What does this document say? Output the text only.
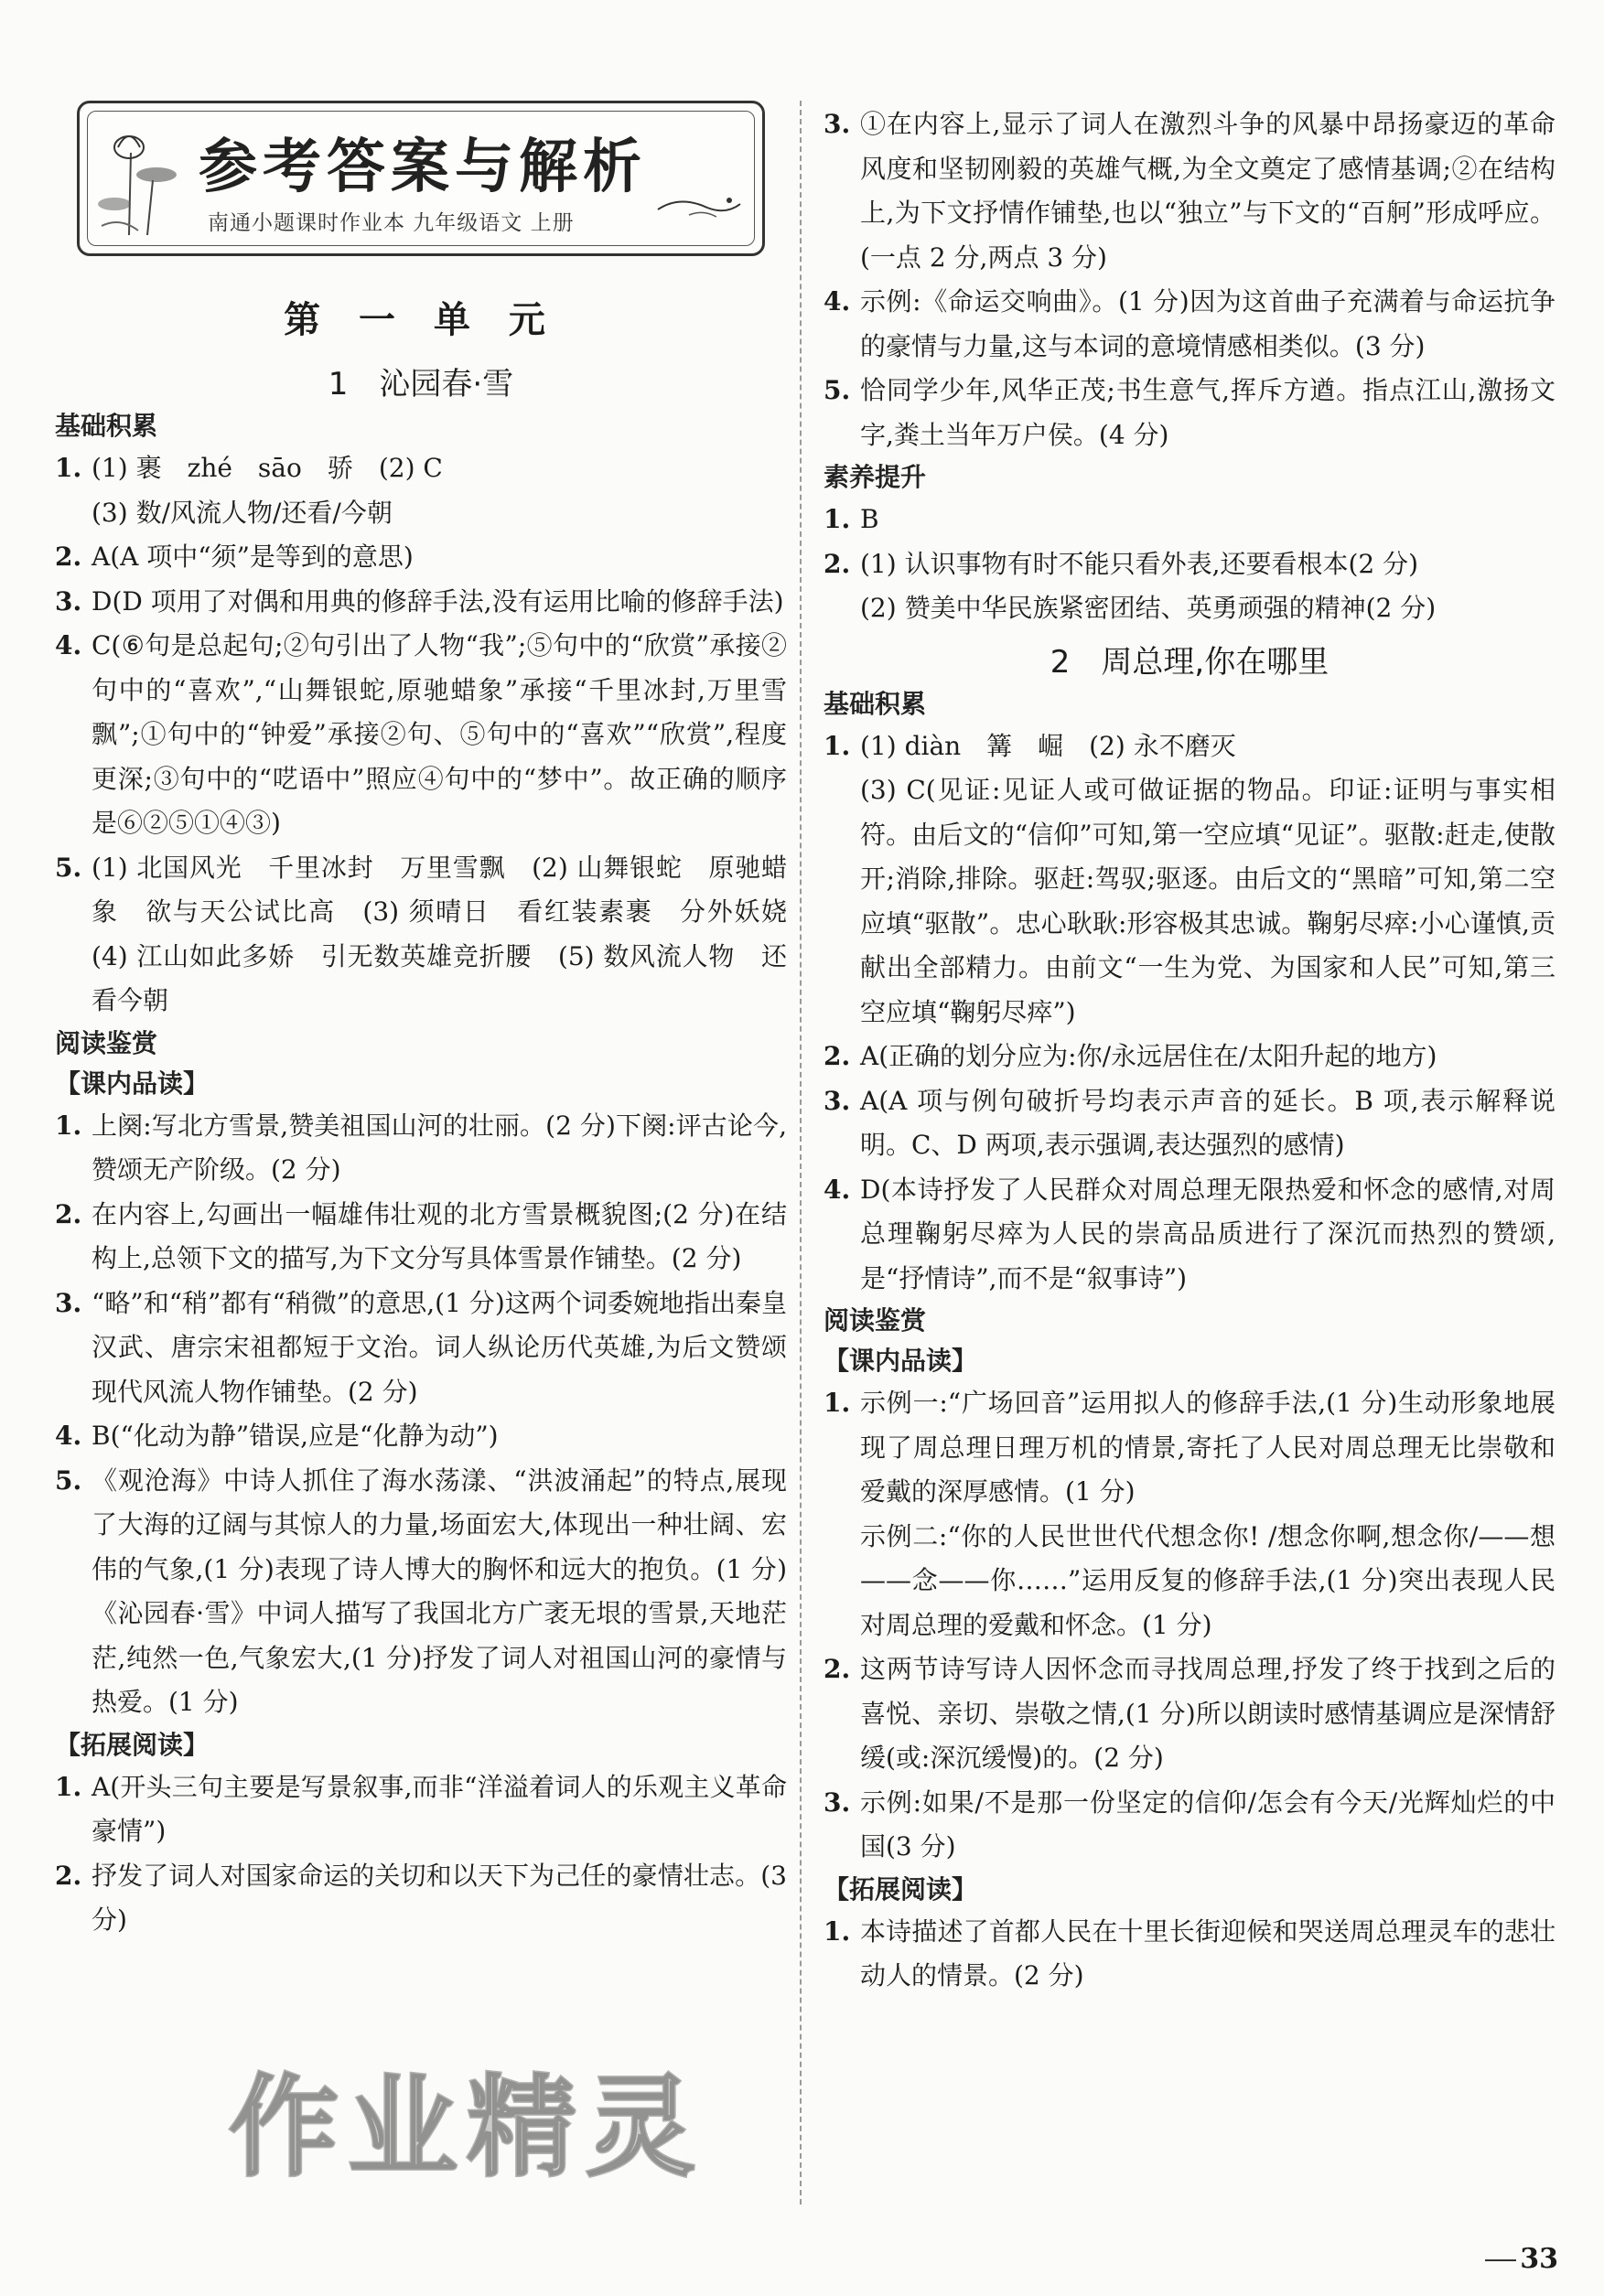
参考答案与解析
南通小题课时作业本 九年级语文 上册
第 一 单 元
1　沁园春·雪
基础积累
1. (1) 裹　zhé　sāo　骄　(2) C

(3) 数/风流人物/还看/今朝

2. A(A 项中“须”是等到的意思)

3. D(D 项用了对偶和用典的修辞手法,没有运用比喻的修辞手法)

4. C(⑥句是总起句;②句引出了人物“我”;⑤句中的“欣赏”承接②句中的“喜欢”,“山舞银蛇,原驰蜡象”承接“千里冰封,万里雪飘”;①句中的“钟爱”承接②句、⑤句中的“喜欢”“欣赏”,程度更深;③句中的“呓语中”照应④句中的“梦中”。故正确的顺序是⑥②⑤①④③)

5. (1) 北国风光　千里冰封　万里雪飘　(2) 山舞银蛇　原驰蜡象　欲与天公试比高　(3) 须晴日　看红装素裹　分外妖娆　(4) 江山如此多娇　引无数英雄竞折腰　(5) 数风流人物　还看今朝

阅读鉴赏
【课内品读】
1. 上阕:写北方雪景,赞美祖国山河的壮丽。(2 分)下阕:评古论今,赞颂无产阶级。(2 分)

2. 在内容上,勾画出一幅雄伟壮观的北方雪景概貌图;(2 分)在结构上,总领下文的描写,为下文分写具体雪景作铺垫。(2 分)

3. “略”和“稍”都有“稍微”的意思,(1 分)这两个词委婉地指出秦皇汉武、唐宗宋祖都短于文治。词人纵论历代英雄,为后文赞颂现代风流人物作铺垫。(2 分)

4. B(“化动为静”错误,应是“化静为动”)

5. 《观沧海》中诗人抓住了海水荡漾、“洪波涌起”的特点,展现了大海的辽阔与其惊人的力量,场面宏大,体现出一种壮阔、宏伟的气象,(1 分)表现了诗人博大的胸怀和远大的抱负。(1 分)《沁园春·雪》中词人描写了我国北方广袤无垠的雪景,天地茫茫,纯然一色,气象宏大,(1 分)抒发了词人对祖国山河的豪情与热爱。(1 分)

【拓展阅读】
1. A(开头三句主要是写景叙事,而非“洋溢着词人的乐观主义革命豪情”)

2. 抒发了词人对国家命运的关切和以天下为己任的豪情壮志。(3 分)

3. ①在内容上,显示了词人在激烈斗争的风暴中昂扬豪迈的革命风度和坚韧刚毅的英雄气概,为全文奠定了感情基调;②在结构上,为下文抒情作铺垫,也以“独立”与下文的“百舸”形成呼应。(一点 2 分,两点 3 分)

4. 示例:《命运交响曲》。(1 分)因为这首曲子充满着与命运抗争的豪情与力量,这与本词的意境情感相类似。(3 分)

5. 恰同学少年,风华正茂;书生意气,挥斥方遒。指点江山,激扬文字,粪土当年万户侯。(4 分)

素养提升
1. B

2. (1) 认识事物有时不能只看外表,还要看根本(2 分)

(2) 赞美中华民族紧密团结、英勇顽强的精神(2 分)

2　周总理,你在哪里
基础积累
1. (1) diàn　篝　崛　(2) 永不磨灭

(3) C(见证:见证人或可做证据的物品。印证:证明与事实相符。由后文的“信仰”可知,第一空应填“见证”。驱散:赶走,使散开;消除,排除。驱赶:驾驭;驱逐。由后文的“黑暗”可知,第二空应填“驱散”。忠心耿耿:形容极其忠诚。鞠躬尽瘁:小心谨慎,贡献出全部精力。由前文“一生为党、为国家和人民”可知,第三空应填“鞠躬尽瘁”)

2. A(正确的划分应为:你/永远居住在/太阳升起的地方)

3. A(A 项与例句破折号均表示声音的延长。B 项,表示解释说明。C、D 两项,表示强调,表达强烈的感情)

4. D(本诗抒发了人民群众对周总理无限热爱和怀念的感情,对周总理鞠躬尽瘁为人民的崇高品质进行了深沉而热烈的赞颂,是“抒情诗”,而不是“叙事诗”)

阅读鉴赏
【课内品读】
1. 示例一:“广场回音”运用拟人的修辞手法,(1 分)生动形象地展现了周总理日理万机的情景,寄托了人民对周总理无比崇敬和爱戴的深厚感情。(1 分)

示例二:“你的人民世世代代想念你! /想念你啊,想念你/——想——念——你……”运用反复的修辞手法,(1 分)突出表现人民对周总理的爱戴和怀念。(1 分)

2. 这两节诗写诗人因怀念而寻找周总理,抒发了终于找到之后的喜悦、亲切、崇敬之情,(1 分)所以朗读时感情基调应是深情舒缓(或:深沉缓慢)的。(2 分)

3. 示例:如果/不是那一份坚定的信仰/怎会有今天/光辉灿烂的中国(3 分)

【拓展阅读】
1. 本诗描述了首都人民在十里长街迎候和哭送周总理灵车的悲壮动人的情景。(2 分)

作业精灵
33
